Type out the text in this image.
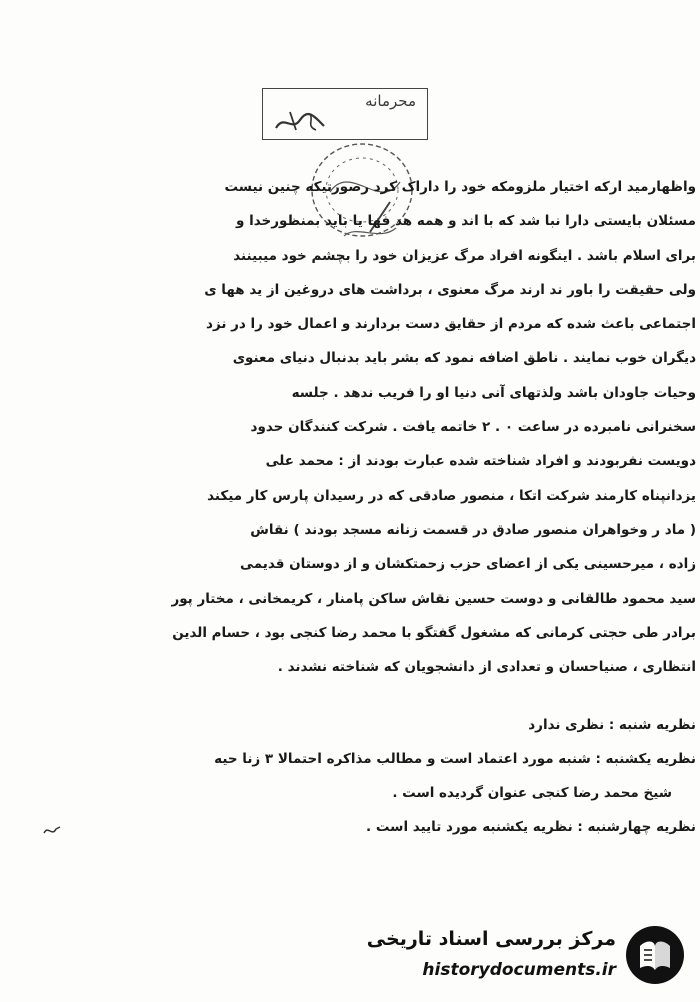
محرمانه
واظهارمید ارکه اختیار ملزومکه خود را داراک کرد رصورتیکه چنین نیست
مسئلان بایستی دارا نبا شد که با اند و همه هد فها یا باید بمنظورخدا و
برای اسلام باشد . اینگونه افراد مرگ عزیزان خود را بچشم خود میبینند
ولی حقیقت را باور ند ارند مرگ معنوی ، برداشت های دروغین از ید هها ی
اجتماعی باعث شده که مردم از حقایق دست بردارند و اعمال خود را در نزد
دیگران خوب نمایند . ناطق اضافه نمود که بشر باید بدنبال دنیای معنوی
وحیات جاودان باشد ولذتهای آنی دنیا او را فریب ندهد . جلسه
سخنرانی نامبرده در ساعت ۰ . ۲ خاتمه یافت . شرکت کنندگان حدود
دویست نفربودند و افراد شناخته شده عبارت بودند از : محمد علی
یزدانپناه کارمند شرکت اتکا ، منصور صادقی که در رسیدان پارس کار میکند
( ماد ر وخواهران منصور صادق در قسمت زنانه مسجد بودند ) نقاش
زاده ، میرحسینی یکی از اعضای حزب زحمتکشان و از دوستان قدیمی
سید محمود طالقانی و دوست حسین نقاش ساکن پامنار ، کریمخانی ، مختار پور
برادر طی حجتی کرمانی که مشغول گفتگو با محمد رضا کنجی بود ، حسام الدین
انتظاری ، صنیاحسان و تعدادی از دانشجویان که شناخته نشدند .
نظریه شنبه : نظری ندارد
نظریه یکشنبه : شنبه مورد اعتماد است و مطالب مذاکره احتمالا ۳ زنا حیه
شیخ محمد رضا کنجی عنوان گردیده است .
نظریه چهارشنبه : نظریه یکشنبه مورد تایید است .
مرکز بررسی اسناد تاریخی
historydocuments.ir
